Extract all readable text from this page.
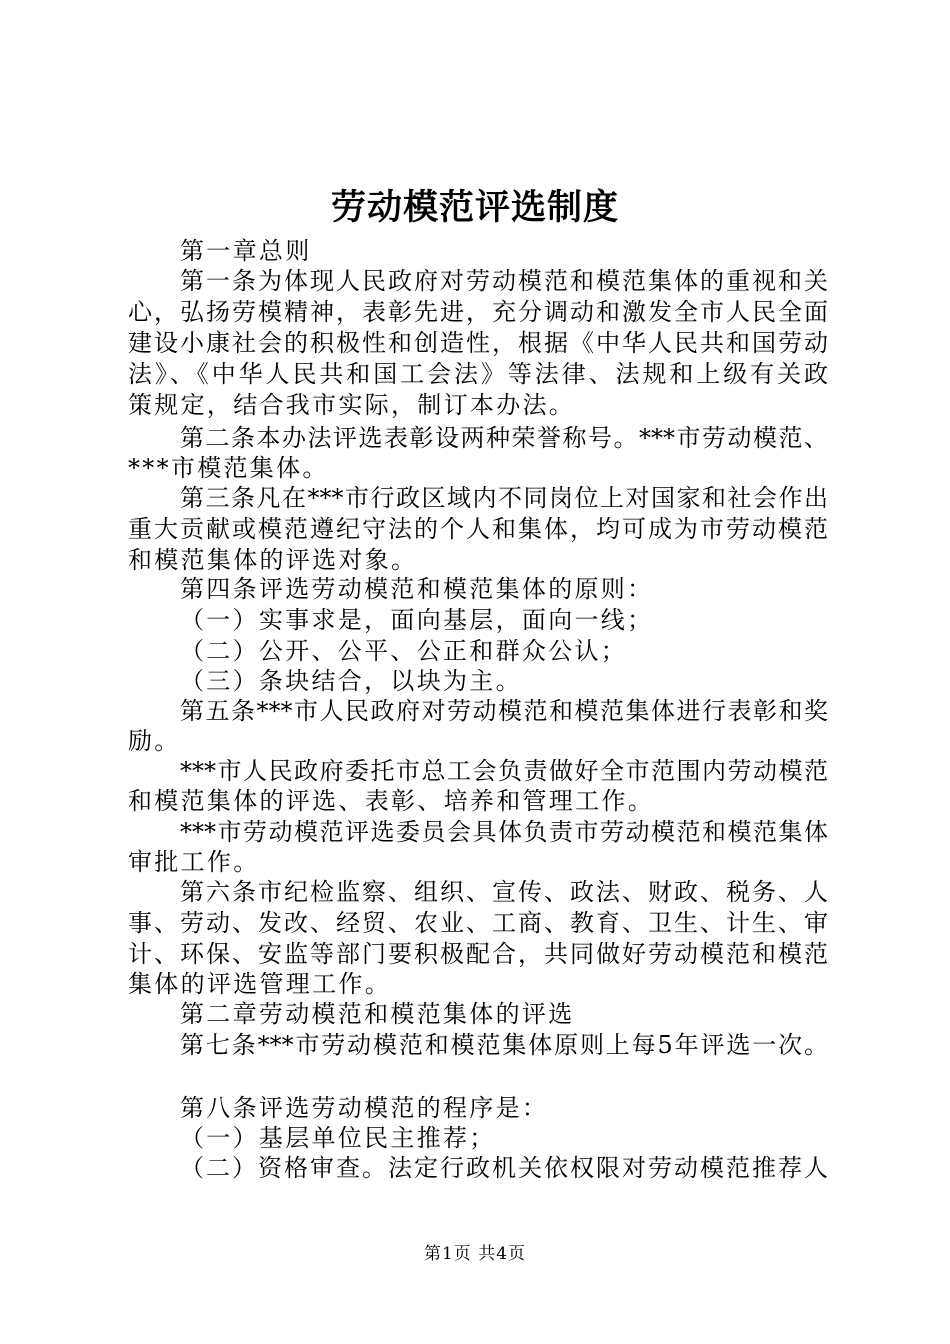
劳动模范评选制度
第一章总则
第一条为体现人民政府对劳动模范和模范集体的重视和关
心，弘扬劳模精神，表彰先进，充分调动和激发全市人民全面
建设小康社会的积极性和创造性，根据《中华人民共和国劳动
法》、《中华人民共和国工会法》等法律、法规和上级有关政
策规定，结合我市实际，制订本办法。
第二条本办法评选表彰设两种荣誉称号。***市劳动模范、
***市模范集体。
第三条凡在***市行政区域内不同岗位上对国家和社会作出
重大贡献或模范遵纪守法的个人和集体，均可成为市劳动模范
和模范集体的评选对象。
第四条评选劳动模范和模范集体的原则：
（一）实事求是，面向基层，面向一线；
（二）公开、公平、公正和群众公认；
（三）条块结合，以块为主。
第五条***市人民政府对劳动模范和模范集体进行表彰和奖
励。
***市人民政府委托市总工会负责做好全市范围内劳动模范
和模范集体的评选、表彰、培养和管理工作。
***市劳动模范评选委员会具体负责市劳动模范和模范集体
审批工作。
第六条市纪检监察、组织、宣传、政法、财政、税务、人
事、劳动、发改、经贸、农业、工商、教育、卫生、计生、审
计、环保、安监等部门要积极配合，共同做好劳动模范和模范
集体的评选管理工作。
第二章劳动模范和模范集体的评选
第七条***市劳动模范和模范集体原则上每5年评选一次。
第八条评选劳动模范的程序是：
（一）基层单位民主推荐；
（二）资格审查。法定行政机关依权限对劳动模范推荐人
第1页 共4页
